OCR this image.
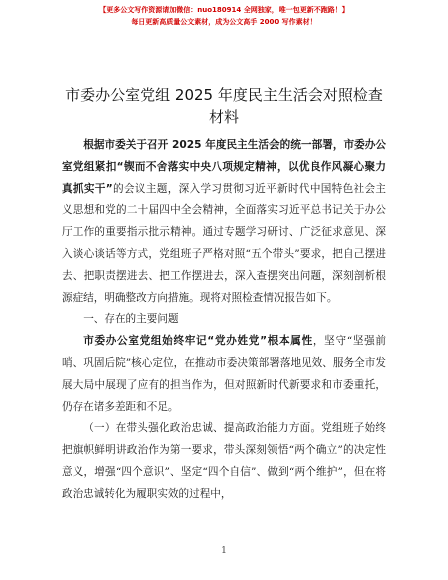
【更多公文写作资源请加微信：nuo180914 全网独家，唯一包更新不跑路！】
每日更新高质量公文素材，成为公文高手 2000 写作素材！
市委办公室党组 2025 年度民主生活会对照检查
材料

根据市委关于召开 2025 年度民主生活会的统一部署，市委办公室党组紧扣“锲而不舍落实中央八项规定精神，以优良作风凝心聚力真抓实干”的会议主题，深入学习贯彻习近平新时代中国特色社会主义思想和党的二十届四中全会精神，全面落实习近平总书记关于办公厅工作的重要指示批示精神。通过专题学习研讨、广泛征求意见、深入谈心谈话等方式，党组班子严格对照“五个带头”要求，把自己摆进去、把职责摆进去、把工作摆进去，深入查摆突出问题，深刻剖析根源症结，明确整改方向措施。现将对照检查情况报告如下。

一、存在的主要问题

市委办公室党组始终牢记“党办姓党”根本属性，坚守“坚强前哨、巩固后院”核心定位，在推动市委决策部署落地见效、服务全市发展大局中展现了应有的担当作为，但对照新时代新要求和市委重托，仍存在诸多差距和不足。

（一）在带头强化政治忠诚、提高政治能力方面。党组班子始终把旗帜鲜明讲政治作为第一要求，带头深刻领悟“两个确立”的决定性意义，增强“四个意识”、坚定“四个自信”、做到“两个维护”，但在将政治忠诚转化为履职实效的过程中，

1
